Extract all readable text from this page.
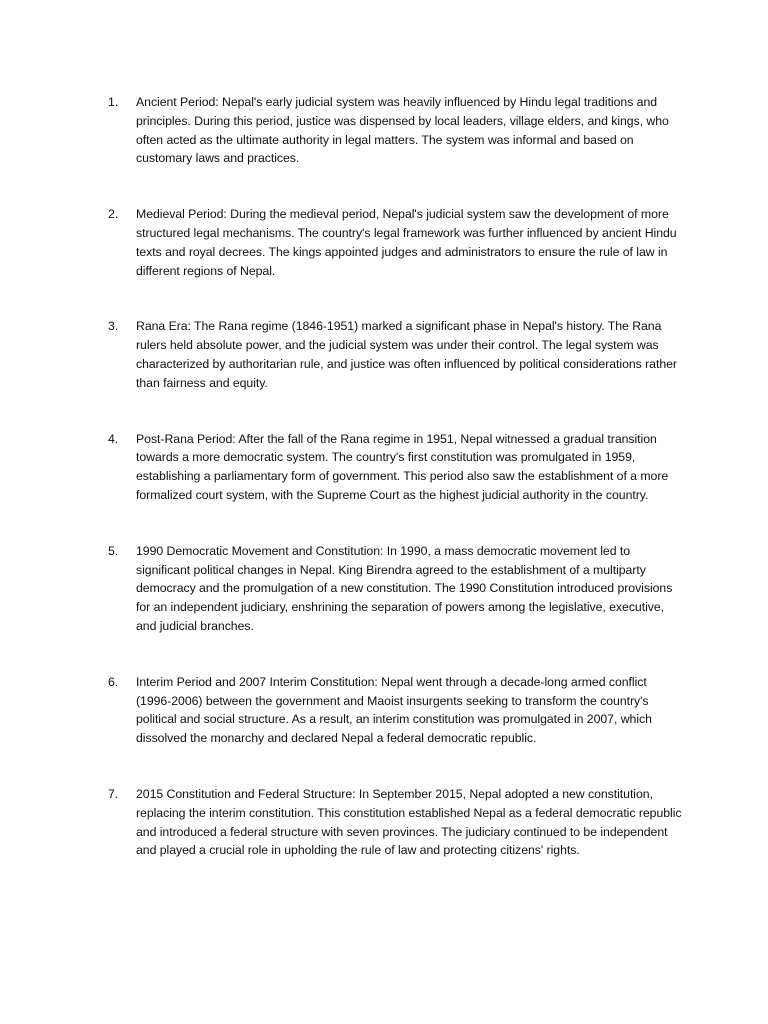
1.	Ancient Period: Nepal's early judicial system was heavily influenced by Hindu legal traditions and principles. During this period, justice was dispensed by local leaders, village elders, and kings, who often acted as the ultimate authority in legal matters. The system was informal and based on customary laws and practices.
2.	Medieval Period: During the medieval period, Nepal's judicial system saw the development of more structured legal mechanisms. The country's legal framework was further influenced by ancient Hindu texts and royal decrees. The kings appointed judges and administrators to ensure the rule of law in different regions of Nepal.
3.	Rana Era: The Rana regime (1846-1951) marked a significant phase in Nepal's history. The Rana rulers held absolute power, and the judicial system was under their control. The legal system was characterized by authoritarian rule, and justice was often influenced by political considerations rather than fairness and equity.
4.	Post-Rana Period: After the fall of the Rana regime in 1951, Nepal witnessed a gradual transition towards a more democratic system. The country's first constitution was promulgated in 1959, establishing a parliamentary form of government. This period also saw the establishment of a more formalized court system, with the Supreme Court as the highest judicial authority in the country.
5.	1990 Democratic Movement and Constitution: In 1990, a mass democratic movement led to significant political changes in Nepal. King Birendra agreed to the establishment of a multiparty democracy and the promulgation of a new constitution. The 1990 Constitution introduced provisions for an independent judiciary, enshrining the separation of powers among the legislative, executive, and judicial branches.
6.	Interim Period and 2007 Interim Constitution: Nepal went through a decade-long armed conflict (1996-2006) between the government and Maoist insurgents seeking to transform the country's political and social structure. As a result, an interim constitution was promulgated in 2007, which dissolved the monarchy and declared Nepal a federal democratic republic.
7.	2015 Constitution and Federal Structure: In September 2015, Nepal adopted a new constitution, replacing the interim constitution. This constitution established Nepal as a federal democratic republic and introduced a federal structure with seven provinces. The judiciary continued to be independent and played a crucial role in upholding the rule of law and protecting citizens' rights.
